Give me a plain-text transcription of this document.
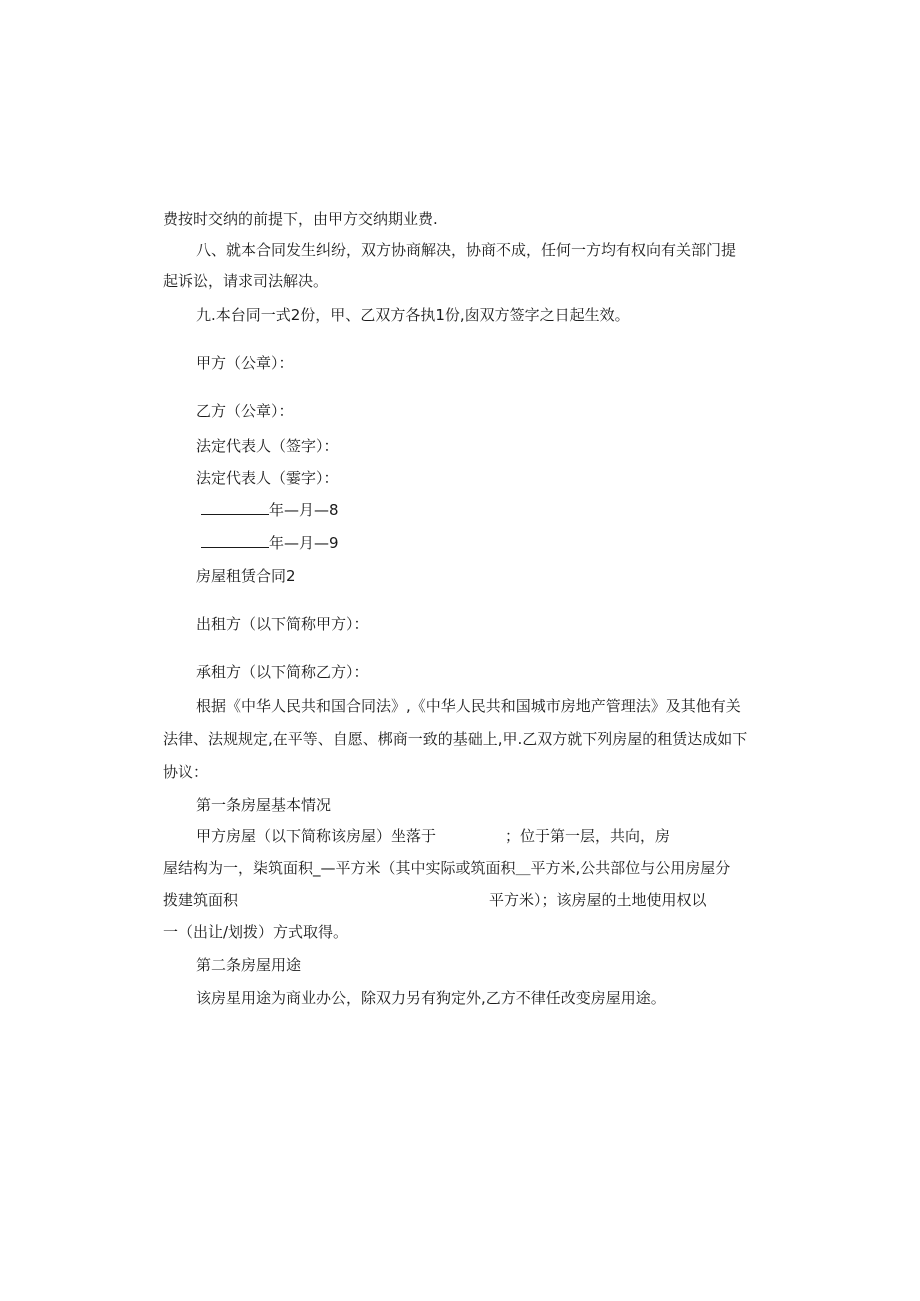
费按时交纳的前提下，由甲方交纳期业费.
八、就本合同发生纠纷，双方协商解决，协商不成，任何一方均有权向有关部门提
起诉讼，请求司法解决。
九.本台同一式2份，甲、乙双方各执1份,囱双方签字之日起生效。
甲方（公章）：
乙方（公章）：
法定代表人（签字）：
法定代表人（霎字）：
年—月—8
年—月—9
房屋租赁合同2
出租方（以下简称甲方）：
承租方（以下简称乙方）：
根据《中华人民共和国合同法》,《中华人民共和国城市房地产管理法》及其他有关
法律、法规规定,在平等、自愿、梆商一致的基础上,甲.乙双方就下列房屋的租赁达成如下
协议：
第一条房屋基本情况
甲方房屋（以下简称该房屋）坐落于	；位于第一层，共向，房
屋结构为一，柒筑面积_—平方米（其中实际或筑面积＿平方米,公共部位与公用房屋分
拨建筑面积	平方米）；该房屋的土地使用权以
一（出让/划拨）方式取得。
第二条房屋用途
该房星用途为商业办公，除双力另有狗定外,乙方不律任改变房屋用途。
